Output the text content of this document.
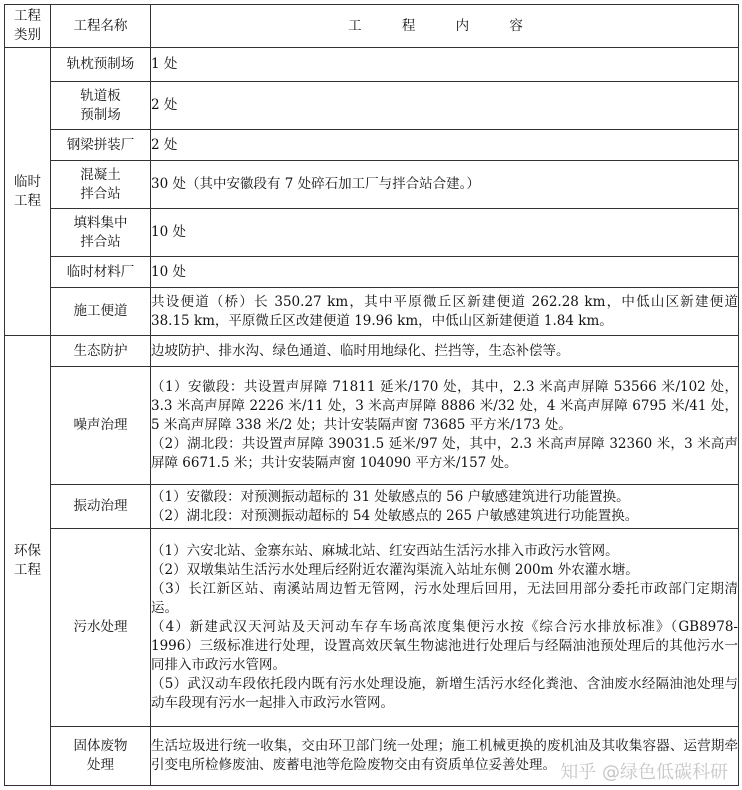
工程
类别	工程名称	工 程 内 容
临时
工程	轨枕预制场	1 处

	轨道板
预制场	2 处

	钢梁拼装厂	2 处

	混凝土
拌合站	30 处（其中安徽段有 7 处碎石加工厂与拌合站合建。）

	填料集中
拌合站	10 处

	临时材料厂	10 处

	施工便道	共设便道（桥）长 350.27 km，其中平原微丘区新建便道 262.28 km，中低山区新建便道 38.15 km，平原微丘区改建便道 19.96 km，中低山区新建便道 1.84 km。

环保
工程	生态防护	边坡防护、排水沟、绿色通道、临时用地绿化、拦挡等，生态补偿等。

	噪声治理	（1）安徽段：共设置声屏障 71811 延米/170 处，其中，2.3 米高声屏障 53566 米/102 处，3.3 米高声屏障 2226 米/11 处，3 米高声屏障 8886 米/32 处，4 米高声屏障 6795 米/41 处，5 米高声屏障 338 米/2 处；共计安装隔声窗 73685 平方米/173 处。
（2）湖北段：共设置声屏障 39031.5 延米/97 处，其中，2.3 米高声屏障 32360 米，3 米高声屏障 6671.5 米；共计安装隔声窗 104090 平方米/157 处。

	振动治理	（1）安徽段：对预测振动超标的 31 处敏感点的 56 户敏感建筑进行功能置换。
（2）湖北段：对预测振动超标的 54 处敏感点的 265 户敏感建筑进行功能置换。

	污水处理	（1）六安北站、金寨东站、麻城北站、红安西站生活污水排入市政污水管网。
（2）双墩集站生活污水处理后经附近农灌沟渠流入站址东侧 200m 外农灌水塘。
（3）长江新区站、南溪站周边暂无管网，污水处理后回用，无法回用部分委托市政部门定期清运。
（4）新建武汉天河站及天河动车存车场高浓度集便污水按《综合污水排放标准》（GB8978-1996）三级标准进行处理，设置高效厌氧生物滤池进行处理后与经隔油池预处理后的其他污水一同排入市政污水管网。
（5）武汉动车段依托段内既有污水处理设施，新增生活污水经化粪池、含油废水经隔油池处理与动车段现有污水一起排入市政污水管网。

	固体废物
处理	生活垃圾进行统一收集，交由环卫部门统一处理；施工机械更换的废机油及其收集容器、运营期牵引变电所检修废油、废蓄电池等危险废物交由有资质单位妥善处理。 知乎 @绿色低碳科研
